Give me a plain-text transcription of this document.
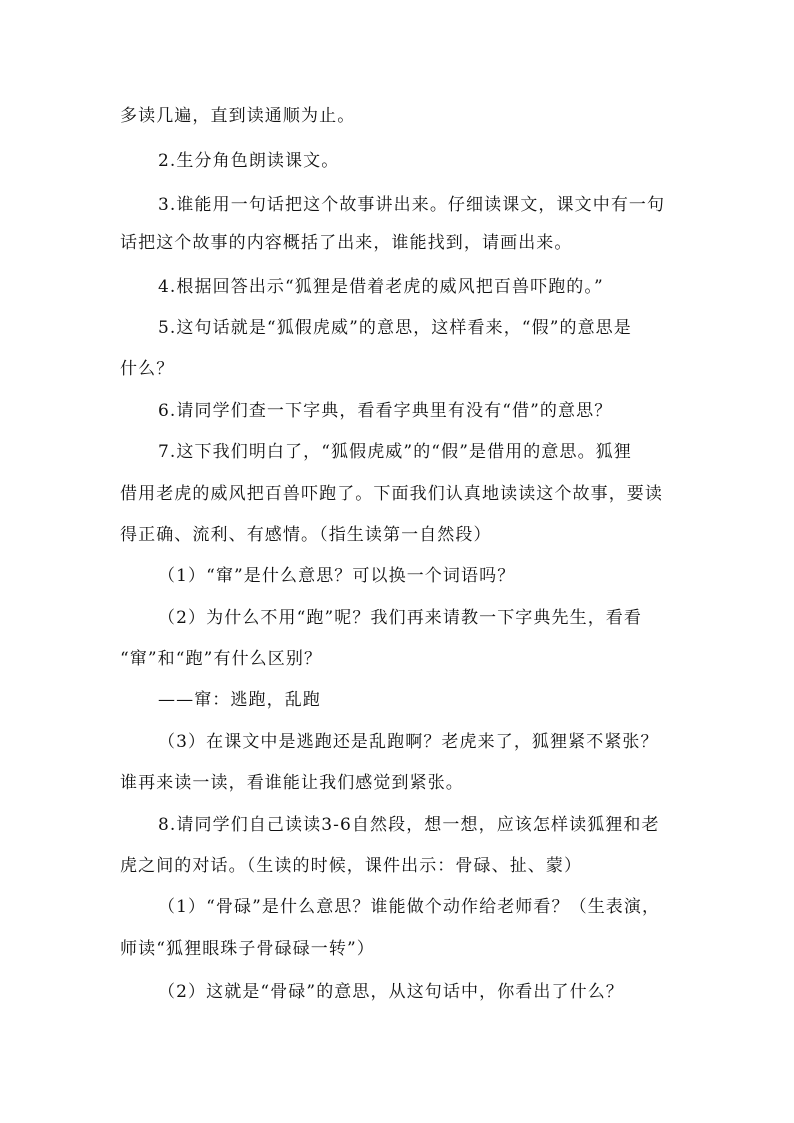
多读几遍，直到读通顺为止。
2.生分角色朗读课文。
3.谁能用一句话把这个故事讲出来。仔细读课文，课文中有一句
话把这个故事的内容概括了出来，谁能找到，请画出来。
4.根据回答出示“狐狸是借着老虎的威风把百兽吓跑的。”
5.这句话就是“狐假虎威”的意思，这样看来，“假”的意思是
什么？
6.请同学们查一下字典，看看字典里有没有“借”的意思？
7.这下我们明白了，“狐假虎威”的“假”是借用的意思。狐狸
借用老虎的威风把百兽吓跑了。下面我们认真地读读这个故事，要读
得正确、流利、有感情。（指生读第一自然段）
（1）“窜”是什么意思？可以换一个词语吗？
（2）为什么不用“跑”呢？我们再来请教一下字典先生，看看
“窜”和“跑”有什么区别？
——窜：逃跑，乱跑
（3）在课文中是逃跑还是乱跑啊？老虎来了，狐狸紧不紧张？
谁再来读一读，看谁能让我们感觉到紧张。
8.请同学们自己读读3-6自然段，想一想，应该怎样读狐狸和老
虎之间的对话。（生读的时候，课件出示：骨碌、扯、蒙）
（1）“骨碌”是什么意思？谁能做个动作给老师看？（生表演，
师读“狐狸眼珠子骨碌碌一转”）
（2）这就是“骨碌”的意思，从这句话中，你看出了什么？
